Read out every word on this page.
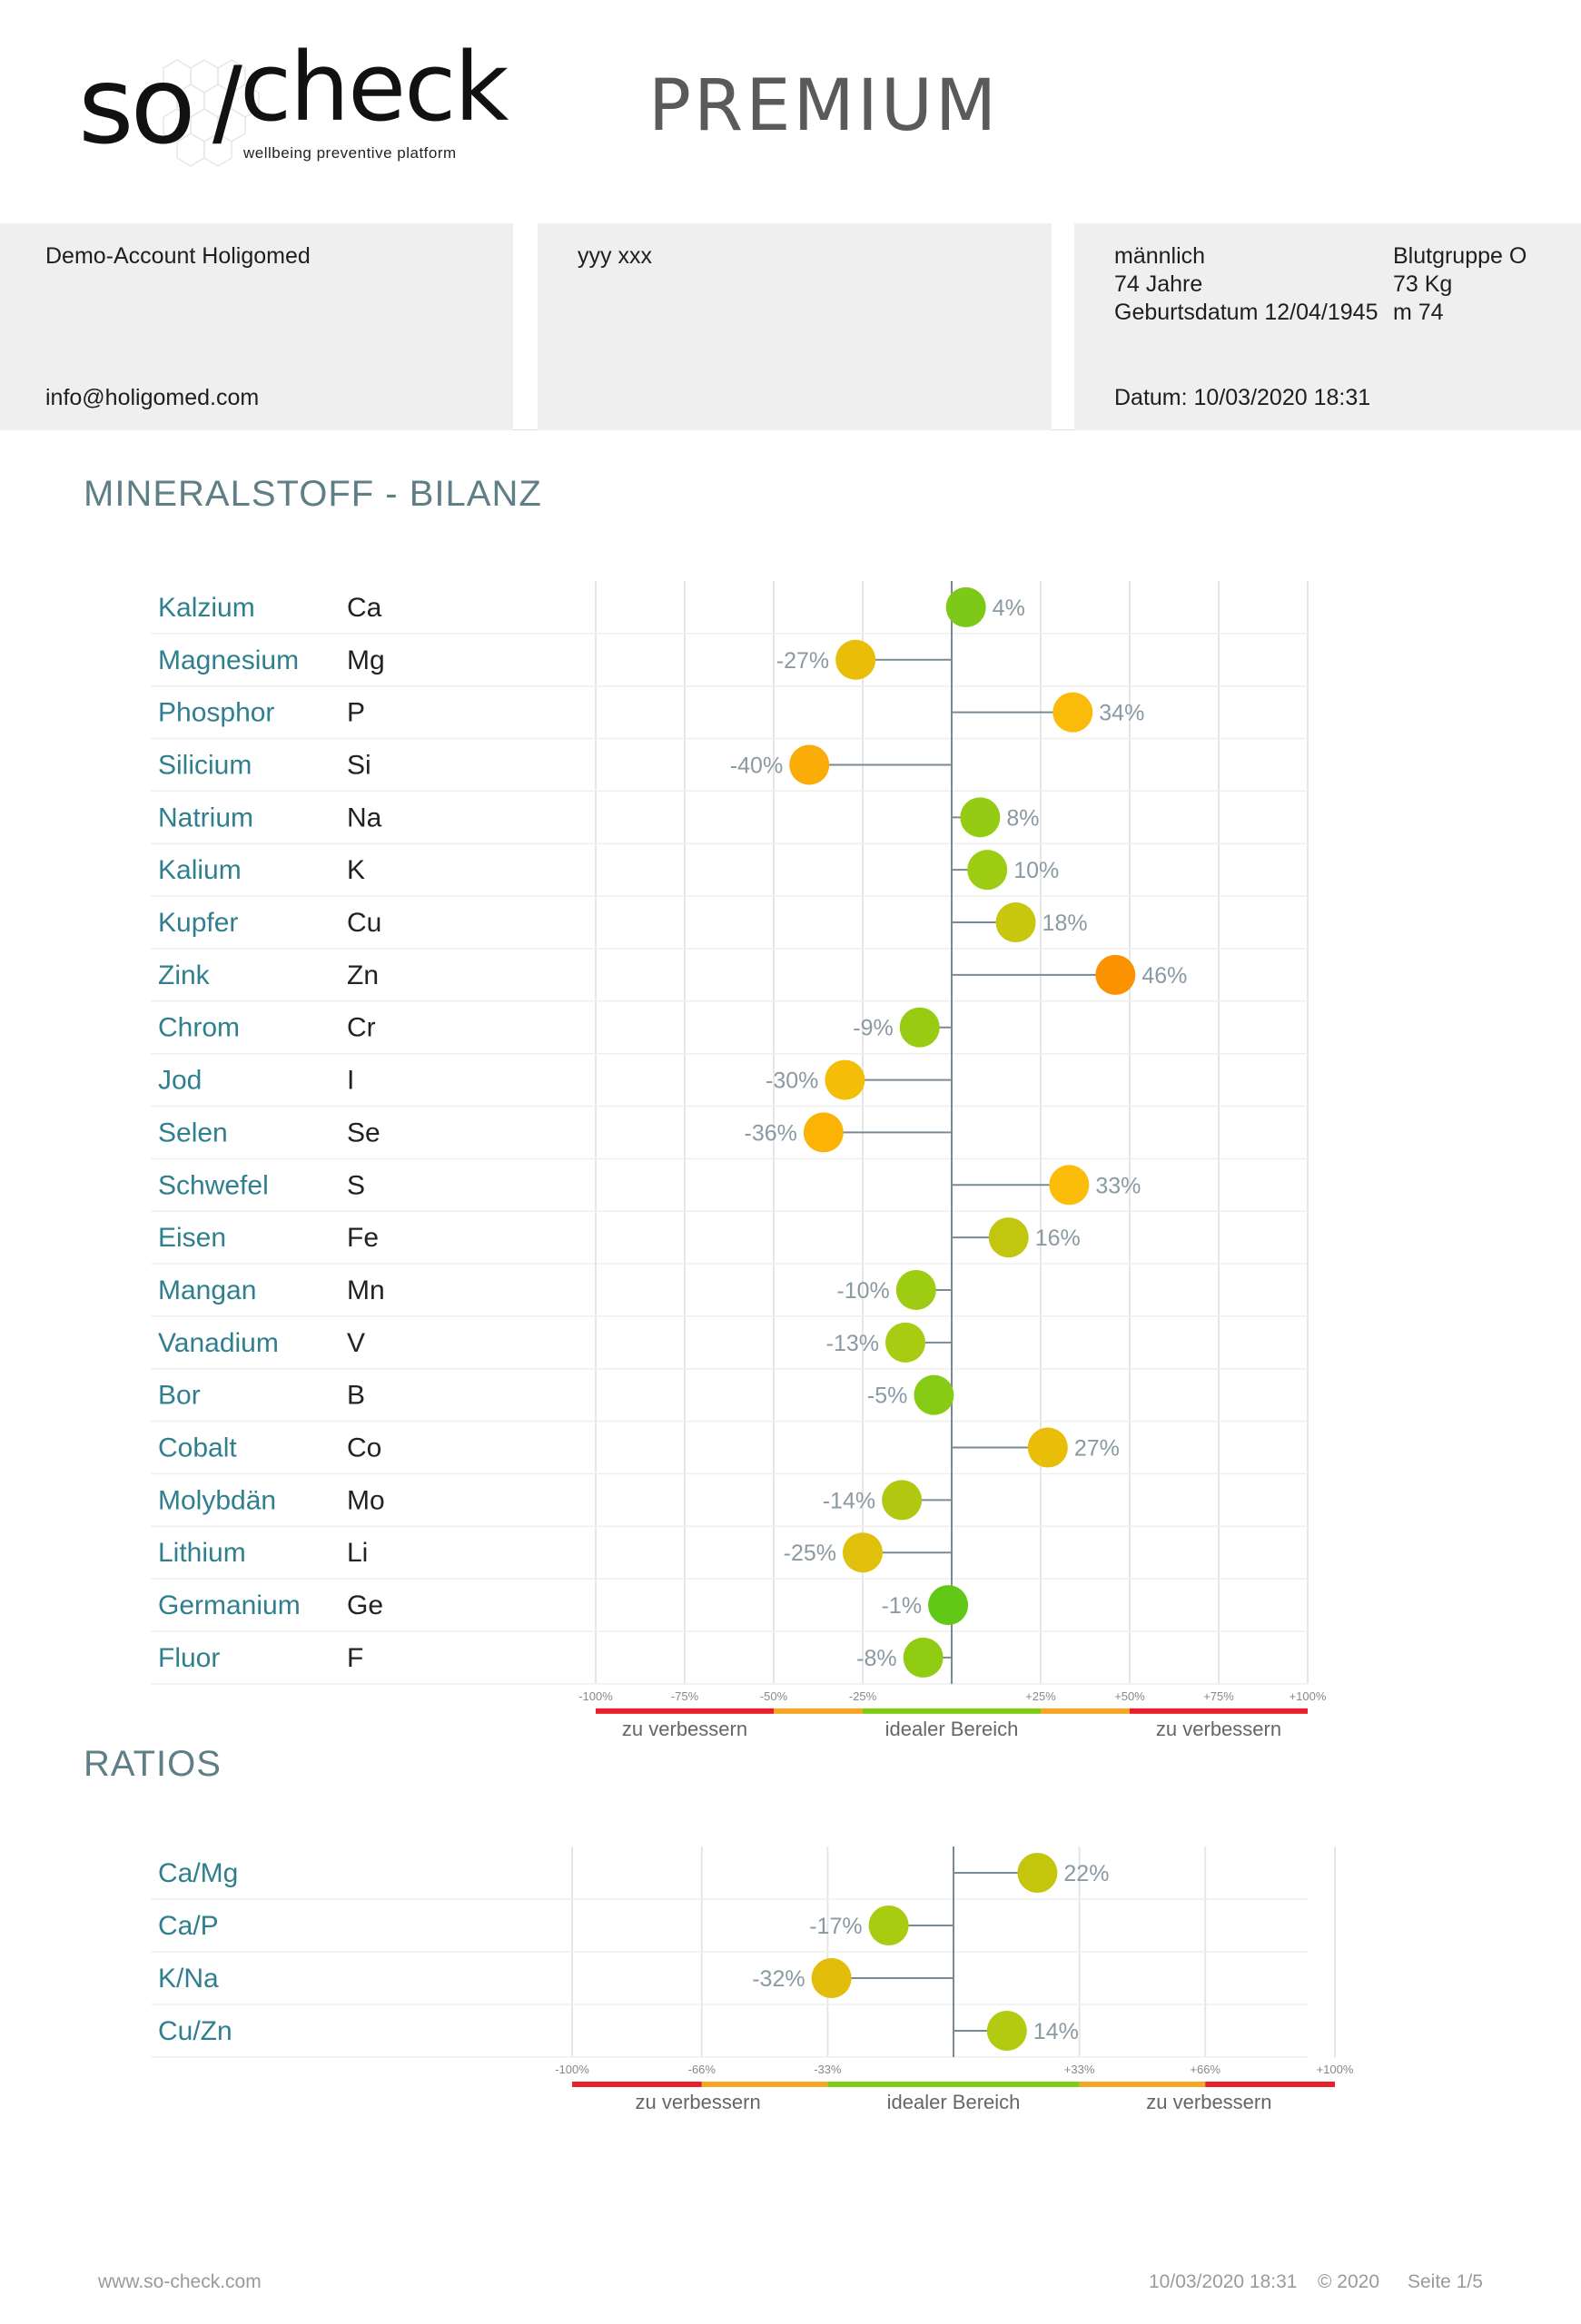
so /
check
wellbeing preventive platform
PREMIUM
Demo-Account Holigomed
info@holigomed.com
yyy xxx	männlich
74 Jahre
Geburtsdatum 12/04/1945
Blutgruppe O
73 Kg
m 74
Datum: 10/03/2020 18:31
MINERALSTOFF - BILANZ
RATIOS
Kalzium	Ca	4%
Magnesium Mg	-27%
Phosphor	P	34%
Silicium	Si	-40%
Natrium	Na	8%
Kalium	K	10%
Kupfer	Cu	18%
Zink	Zn	46%
Chrom	Cr	-9%
Jod	I	-30%
Selen	Se	-36%
Schwefel	S	33%
Eisen	Fe	16%
Mangan	Mn	-10%
Vanadium	V	-13%
Bor	B	-5%
Cobalt	Co	27%
Molybdän	Mo	-14%
Lithium	Li	-25%
Germanium Ge	-1%
Fluor	F	-8%
-100%	-75%	-50%	-25%	+25%	+50%	+75%	+100%
zu verbessern	idealer Bereich	zu verbessern
Ca/Mg	22%
Ca/P	-17%
K/Na	-32%
Cu/Zn	14%
-100%	-66%	-33%	+33%	+66%	+100%
zu verbessern	idealer Bereich	zu verbessern
www.so-check.com	10/03/2020 18:31 © 2020 Seite 1/5
